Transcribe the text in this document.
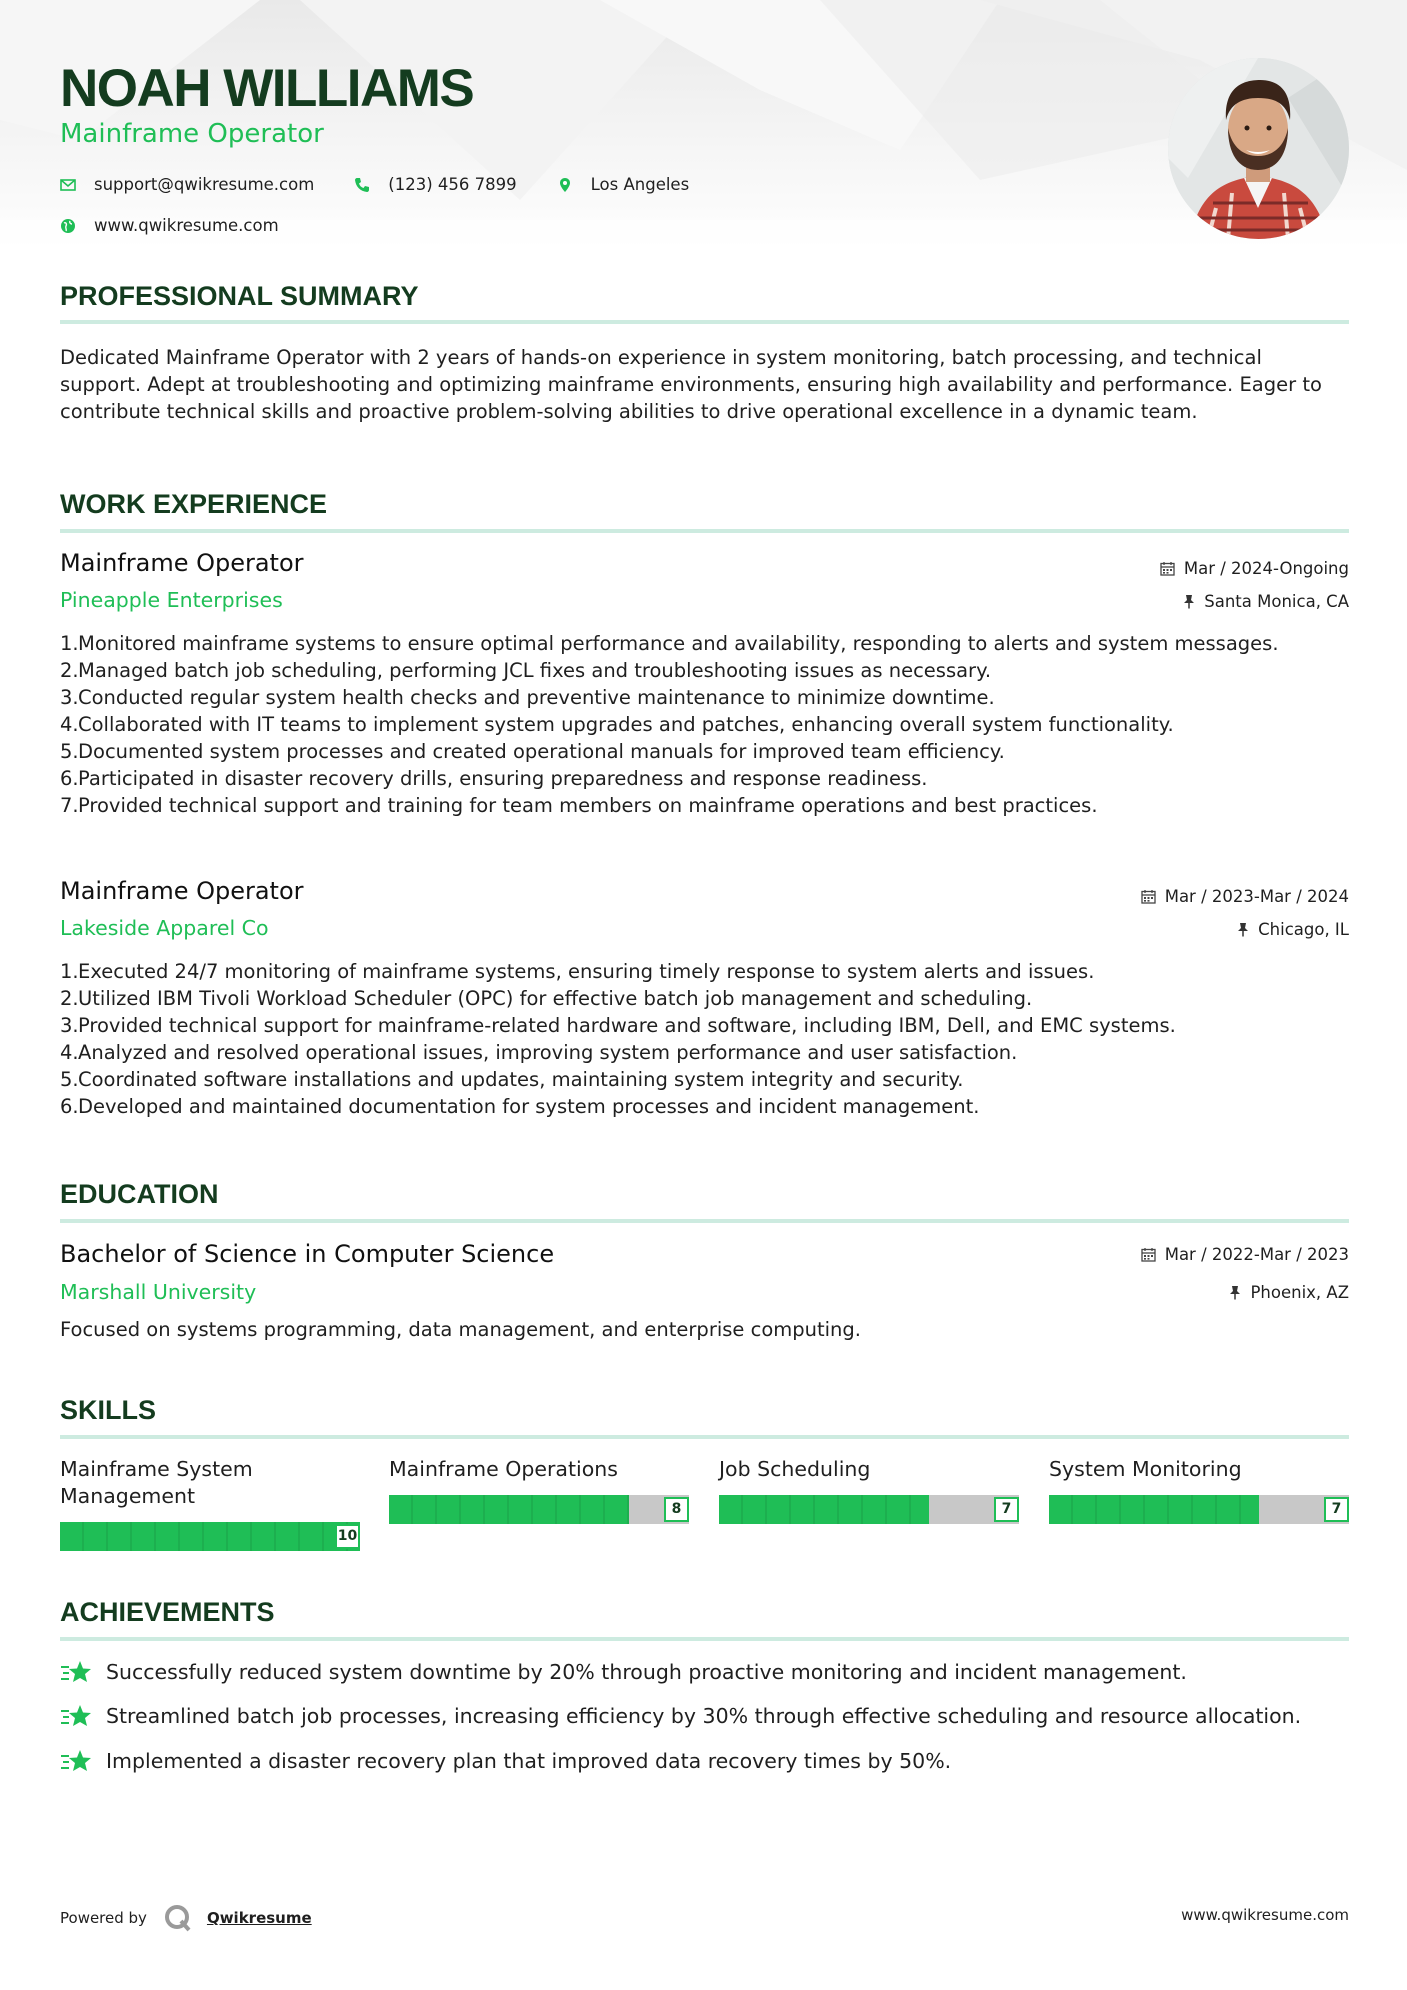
NOAH WILLIAMS
Mainframe Operator
support@qwikresume.com	(123) 456 7899	Los Angeles
www.qwikresume.com
PROFESSIONAL SUMMARY
Dedicated Mainframe Operator with 2 years of hands-on experience in system monitoring, batch processing, and technical support. Adept at troubleshooting and optimizing mainframe environments, ensuring high availability and performance. Eager to contribute technical skills and proactive problem-solving abilities to drive operational excellence in a dynamic team.
WORK EXPERIENCE
Mainframe Operator
Pineapple Enterprises
Mar / 2024-Ongoing
Santa Monica, CA
1. Monitored mainframe systems to ensure optimal performance and availability, responding to alerts and system messages.
2. Managed batch job scheduling, performing JCL fixes and troubleshooting issues as necessary.
3. Conducted regular system health checks and preventive maintenance to minimize downtime.
4. Collaborated with IT teams to implement system upgrades and patches, enhancing overall system functionality.
5. Documented system processes and created operational manuals for improved team efficiency.
6. Participated in disaster recovery drills, ensuring preparedness and response readiness.
7. Provided technical support and training for team members on mainframe operations and best practices.
Mainframe Operator
Lakeside Apparel Co
Mar / 2023-Mar / 2024
Chicago, IL
1. Executed 24/7 monitoring of mainframe systems, ensuring timely response to system alerts and issues.
2. Utilized IBM Tivoli Workload Scheduler (OPC) for effective batch job management and scheduling.
3. Provided technical support for mainframe-related hardware and software, including IBM, Dell, and EMC systems.
4. Analyzed and resolved operational issues, improving system performance and user satisfaction.
5. Coordinated software installations and updates, maintaining system integrity and security.
6. Developed and maintained documentation for system processes and incident management.
EDUCATION
Bachelor of Science in Computer Science
Marshall University
Mar / 2022-Mar / 2023
Phoenix, AZ
Focused on systems programming, data management, and enterprise computing.
SKILLS
Mainframe System Management
10
Mainframe Operations
8
Job Scheduling
7
System Monitoring
7
ACHIEVEMENTS
Successfully reduced system downtime by 20% through proactive monitoring and incident management.
Streamlined batch job processes, increasing efficiency by 30% through effective scheduling and resource allocation.
Implemented a disaster recovery plan that improved data recovery times by 50%.
Powered by	Qwikresume	www.qwikresume.com
